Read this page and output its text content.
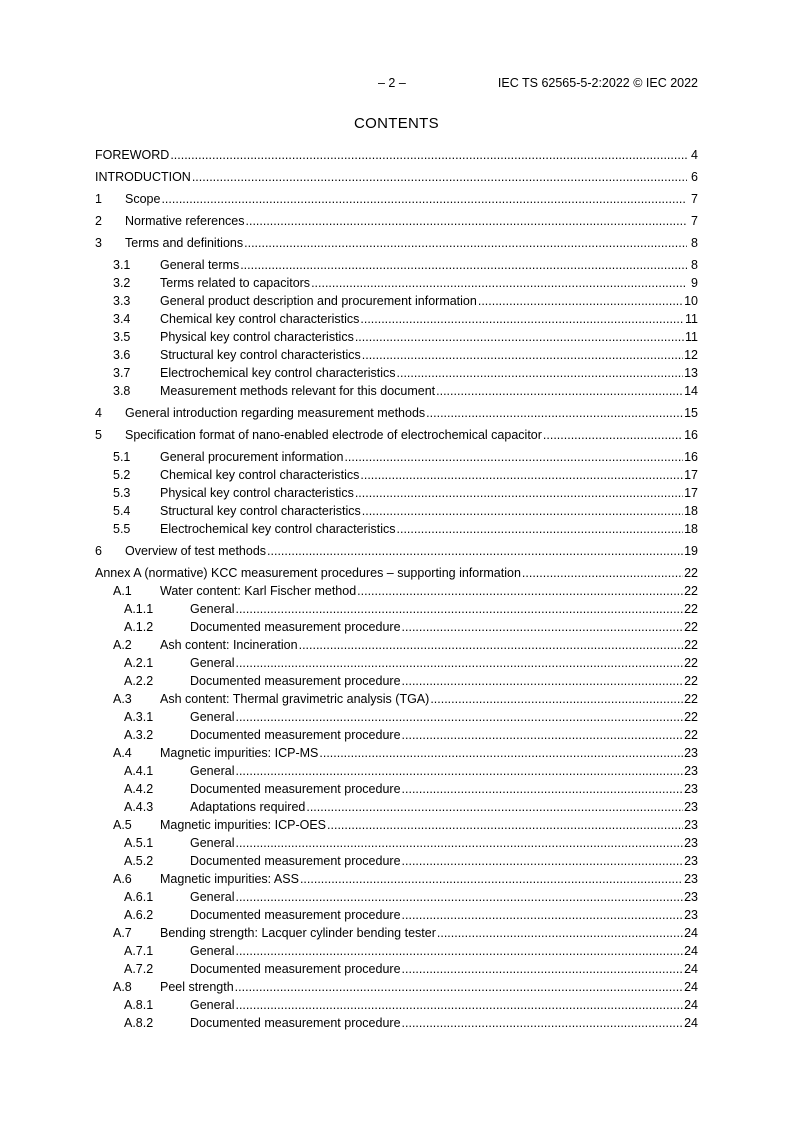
– 2 –	IEC TS 62565-5-2:2022 © IEC 2022
CONTENTS
FOREWORD .....	4
INTRODUCTION .....	6
1	Scope .....	7
2	Normative references .....	7
3	Terms and definitions .....	8
3.1	General terms .....	8
3.2	Terms related to capacitors .....	9
3.3	General product description and procurement information .....	10
3.4	Chemical key control characteristics .....	11
3.5	Physical key control characteristics .....	11
3.6	Structural key control characteristics .....	12
3.7	Electrochemical key control characteristics .....	13
3.8	Measurement methods relevant for this document .....	14
4	General introduction regarding measurement methods .....	15
5	Specification format of nano-enabled electrode of electrochemical capacitor .....	16
5.1	General procurement information .....	16
5.2	Chemical key control characteristics .....	17
5.3	Physical key control characteristics .....	17
5.4	Structural key control characteristics .....	18
5.5	Electrochemical key control characteristics .....	18
6	Overview of test methods .....	19
Annex A (normative) KCC measurement procedures – supporting information .....	22
A.1	Water content: Karl Fischer method .....	22
A.1.1	General .....	22
A.1.2	Documented measurement procedure .....	22
A.2	Ash content: Incineration .....	22
A.2.1	General .....	22
A.2.2	Documented measurement procedure .....	22
A.3	Ash content: Thermal gravimetric analysis (TGA) .....	22
A.3.1	General .....	22
A.3.2	Documented measurement procedure .....	22
A.4	Magnetic impurities: ICP-MS .....	23
A.4.1	General .....	23
A.4.2	Documented measurement procedure .....	23
A.4.3	Adaptations required .....	23
A.5	Magnetic impurities: ICP-OES .....	23
A.5.1	General .....	23
A.5.2	Documented measurement procedure .....	23
A.6	Magnetic impurities: ASS .....	23
A.6.1	General .....	23
A.6.2	Documented measurement procedure .....	23
A.7	Bending strength: Lacquer cylinder bending tester .....	24
A.7.1	General .....	24
A.7.2	Documented measurement procedure .....	24
A.8	Peel strength .....	24
A.8.1	General .....	24
A.8.2	Documented measurement procedure .....	24
